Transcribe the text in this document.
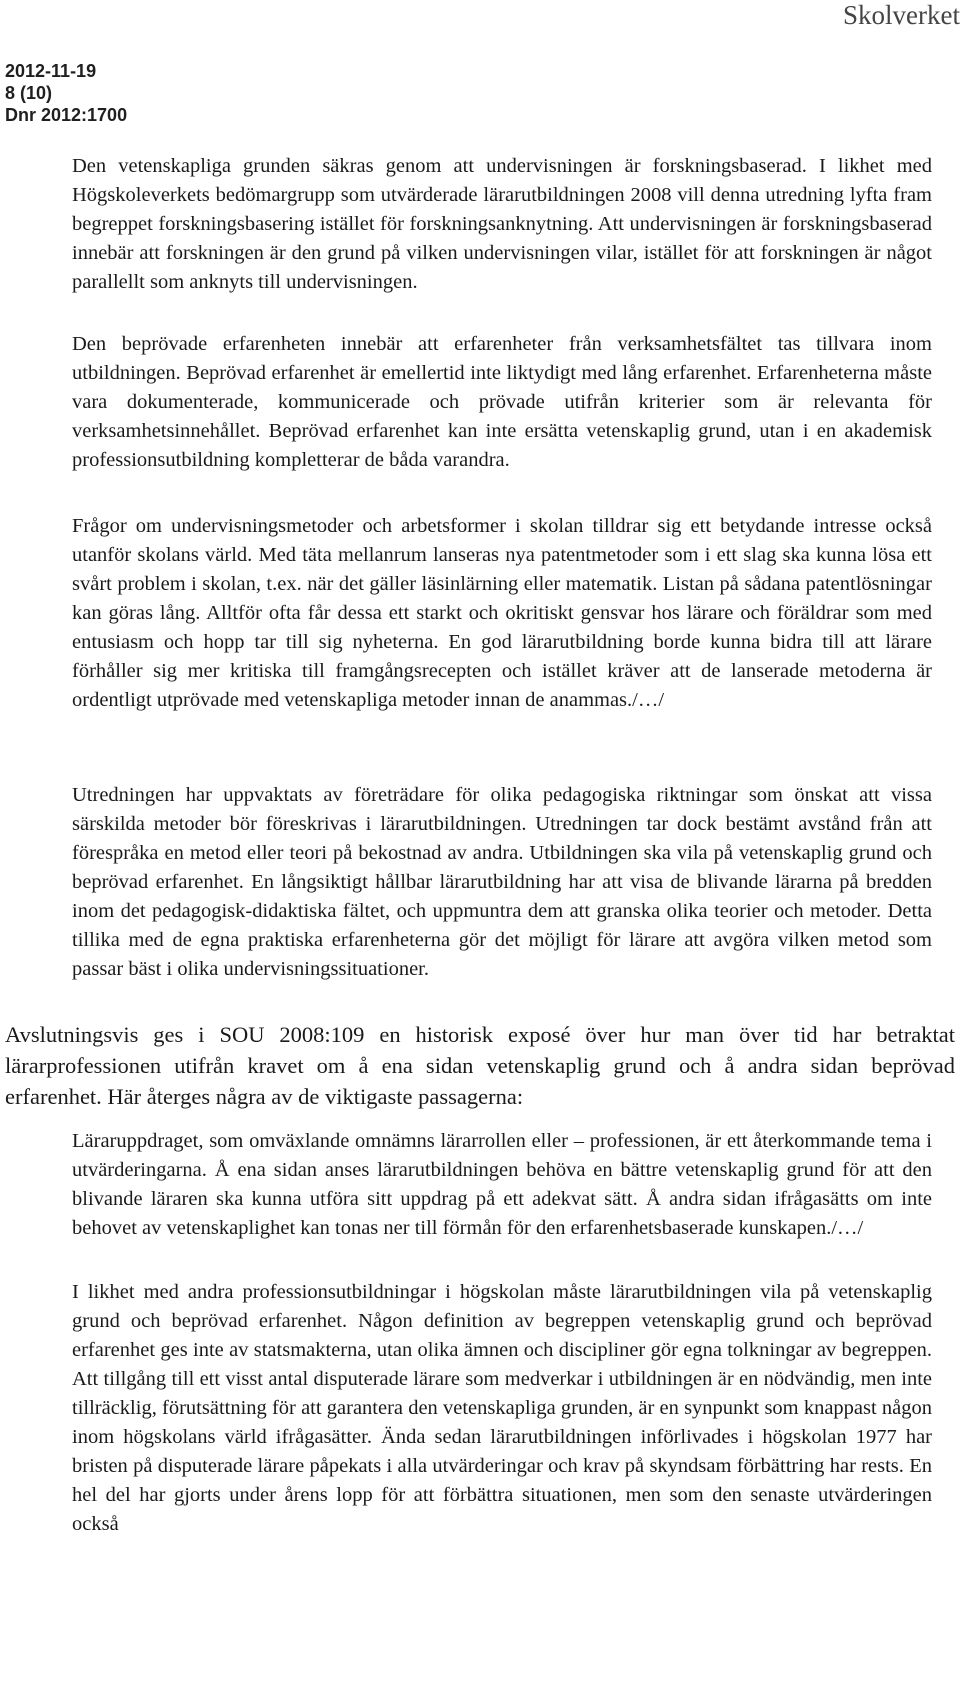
Skolverket
2012-11-19
8 (10)
Dnr 2012:1700

Den vetenskapliga grunden säkras genom att undervisningen är forskningsbaserad. I likhet med Högskoleverkets bedömargrupp som utvärderade lärarutbildningen 2008 vill denna utredning lyfta fram begreppet forskningsbasering istället för forskningsanknytning. Att undervisningen är forskningsbaserad innebär att forskningen är den grund på vilken undervisningen vilar, istället för att forskningen är något parallellt som anknyts till undervisningen.

Den beprövade erfarenheten innebär att erfarenheter från verksamhetsfältet tas tillvara inom utbildningen. Beprövad erfarenhet är emellertid inte liktydigt med lång erfarenhet. Erfarenheterna måste vara dokumenterade, kommunicerade och prövade utifrån kriterier som är relevanta för verksamhetsinnehållet. Beprövad erfarenhet kan inte ersätta vetenskaplig grund, utan i en akademisk professionsutbildning kompletterar de båda varandra.

Frågor om undervisningsmetoder och arbetsformer i skolan tilldrar sig ett betydande intresse också utanför skolans värld. Med täta mellanrum lanseras nya patentmetoder som i ett slag ska kunna lösa ett svårt problem i skolan, t.ex. när det gäller läsinlärning eller matematik. Listan på sådana patentlösningar kan göras lång. Alltför ofta får dessa ett starkt och okritiskt gensvar hos lärare och föräldrar som med entusiasm och hopp tar till sig nyheterna. En god lärarutbildning borde kunna bidra till att lärare förhåller sig mer kritiska till framgångsrecepten och istället kräver att de lanserade metoderna är ordentligt utprövade med vetenskapliga metoder innan de anammas./…/

Utredningen har uppvaktats av företrädare för olika pedagogiska riktningar som önskat att vissa särskilda metoder bör föreskrivas i lärarutbildningen. Utredningen tar dock bestämt avstånd från att förespråka en metod eller teori på bekostnad av andra. Utbildningen ska vila på vetenskaplig grund och beprövad erfarenhet. En långsiktigt hållbar lärarutbildning har att visa de blivande lärarna på bredden inom det pedagogisk-didaktiska fältet, och uppmuntra dem att granska olika teorier och metoder. Detta tillika med de egna praktiska erfarenheterna gör det möjligt för lärare att avgöra vilken metod som passar bäst i olika undervisningssituationer.

Avslutningsvis ges i SOU 2008:109 en historisk exposé över hur man över tid har betraktat lärarprofessionen utifrån kravet om å ena sidan vetenskaplig grund och å andra sidan beprövad erfarenhet. Här återges några av de viktigaste passagerna:

Läraruppdraget, som omväxlande omnämns lärarrollen eller – professionen, är ett återkommande tema i utvärderingarna. Å ena sidan anses lärarutbildningen behöva en bättre vetenskaplig grund för att den blivande läraren ska kunna utföra sitt uppdrag på ett adekvat sätt. Å andra sidan ifrågasätts om inte behovet av vetenskaplighet kan tonas ner till förmån för den erfarenhetsbaserade kunskapen./…/

I likhet med andra professionsutbildningar i högskolan måste lärarutbildningen vila på vetenskaplig grund och beprövad erfarenhet. Någon definition av begreppen vetenskaplig grund och beprövad erfarenhet ges inte av statsmakterna, utan olika ämnen och discipliner gör egna tolkningar av begreppen. Att tillgång till ett visst antal disputerade lärare som medverkar i utbildningen är en nödvändig, men inte tillräcklig, förutsättning för att garantera den vetenskapliga grunden, är en synpunkt som knappast någon inom högskolans värld ifrågasätter. Ända sedan lärarutbildningen införlivades i högskolan 1977 har bristen på disputerade lärare påpekats i alla utvärderingar och krav på skyndsam förbättring har rests. En hel del har gjorts under årens lopp för att förbättra situationen, men som den senaste utvärderingen också
